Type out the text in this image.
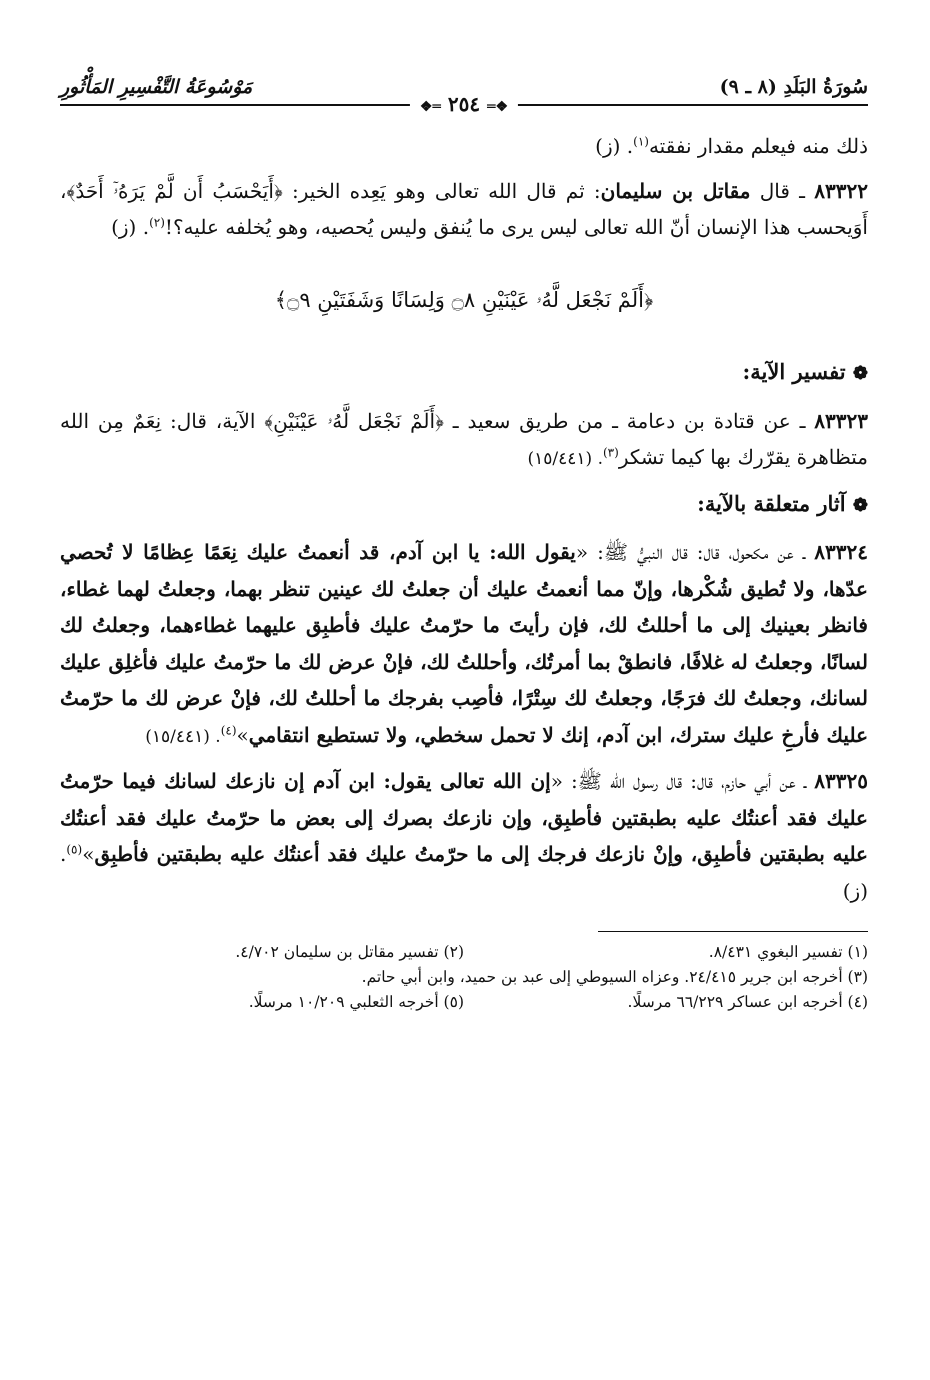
سُورَةُ البَلَدِ (٨ ـ ٩)
مَوْسُوعَةُ التَّفْسِيرِ المَأْثُورِ
❖═ ٢٥٤ ═❖

ذلك منه فيعلم مقدار نفقته$^{(١)}$. (ز)

٨٣٣٢٢ ـ قال مقاتل بن سليمان: ثم قال الله تعالى وهو يَعِده الخير: ﴿أَيَحْسَبُ أَن لَّمْ يَرَهُۥٓ أَحَدٌ﴾، أَوَيحسب هذا الإنسان أنّ الله تعالى ليس يرى ما يُنفق وليس يُحصيه، وهو يُخلفه عليه؟!$^{(٢)}$. (ز)

﴿أَلَمْ نَجْعَل لَّهُۥ عَيْنَيْنِ ۝٨ وَلِسَانًا وَشَفَتَيْنِ ۝٩﴾
❁ تفسير الآية:

٨٣٣٢٣ ـ عن قتادة بن دعامة ـ من طريق سعيد ـ ﴿أَلَمْ نَجْعَل لَّهُۥ عَيْنَيْنِ﴾ الآية، قال: نِعَمٌ مِن الله متظاهرة يقرّرك بها كيما تشكر$^{(٣)}$. (١٥/٤٤١)

❁ آثار متعلقة بالآية:

٨٣٣٢٤ ـ عن مكحول، قال: قال النبيُّ ﷺ: «يقول الله: يا ابن آدم، قد أنعمتُ عليك نِعَمًا عِظامًا لا تُحصي عدّها، ولا تُطيق شُكْرها، وإنّ مما أنعمتُ عليك أن جعلتُ لك عينين تنظر بهما، وجعلتُ لهما غطاء، فانظر بعينيك إلى ما أحللتُ لك، فإن رأيتَ ما حرّمتُ عليك فأطبِق عليهما غطاءهما، وجعلتُ لك لسانًا، وجعلتُ له غلافًا، فانطقْ بما أمرتُك، وأحللتُ لك، فإنْ عرض لك ما حرّمتُ عليك فأغلِق عليك لسانك، وجعلتُ لك فرَجًا، وجعلتُ لك سِتْرًا، فأصِب بفرجك ما أحللتُ لك، فإنْ عرض لك ما حرّمتُ عليك فأرخِ عليك سترك، ابن آدم، إنك لا تحمل سخطي، ولا تستطيع انتقامي»$^{(٤)}$. (١٥/٤٤١)

٨٣٣٢٥ ـ عن أبي حازم، قال: قال رسول الله ﷺ: «إن الله تعالى يقول: ابن آدم إن نازعك لسانك فيما حرّمتُ عليك فقد أعنتُك عليه بطبقتين فأطبِق، وإن نازعك بصرك إلى بعض ما حرّمتُ عليك فقد أعنتُك عليه بطبقتين فأطبِق، وإنْ نازعك فرجك إلى ما حرّمتُ عليك فقد أعنتُك عليه بطبقتين فأطبِق»$^{(٥)}$. (ز)

(١) تفسير البغوي ٨/٤٣١.
(٢) تفسير مقاتل بن سليمان ٤/٧٠٢.
(٣) أخرجه ابن جرير ٢٤/٤١٥. وعزاه السيوطي إلى عبد بن حميد، وابن أبي حاتم.
(٤) أخرجه ابن عساكر ٦٦/٢٢٩ مرسلًا.
(٥) أخرجه الثعلبي ١٠/٢٠٩ مرسلًا.
